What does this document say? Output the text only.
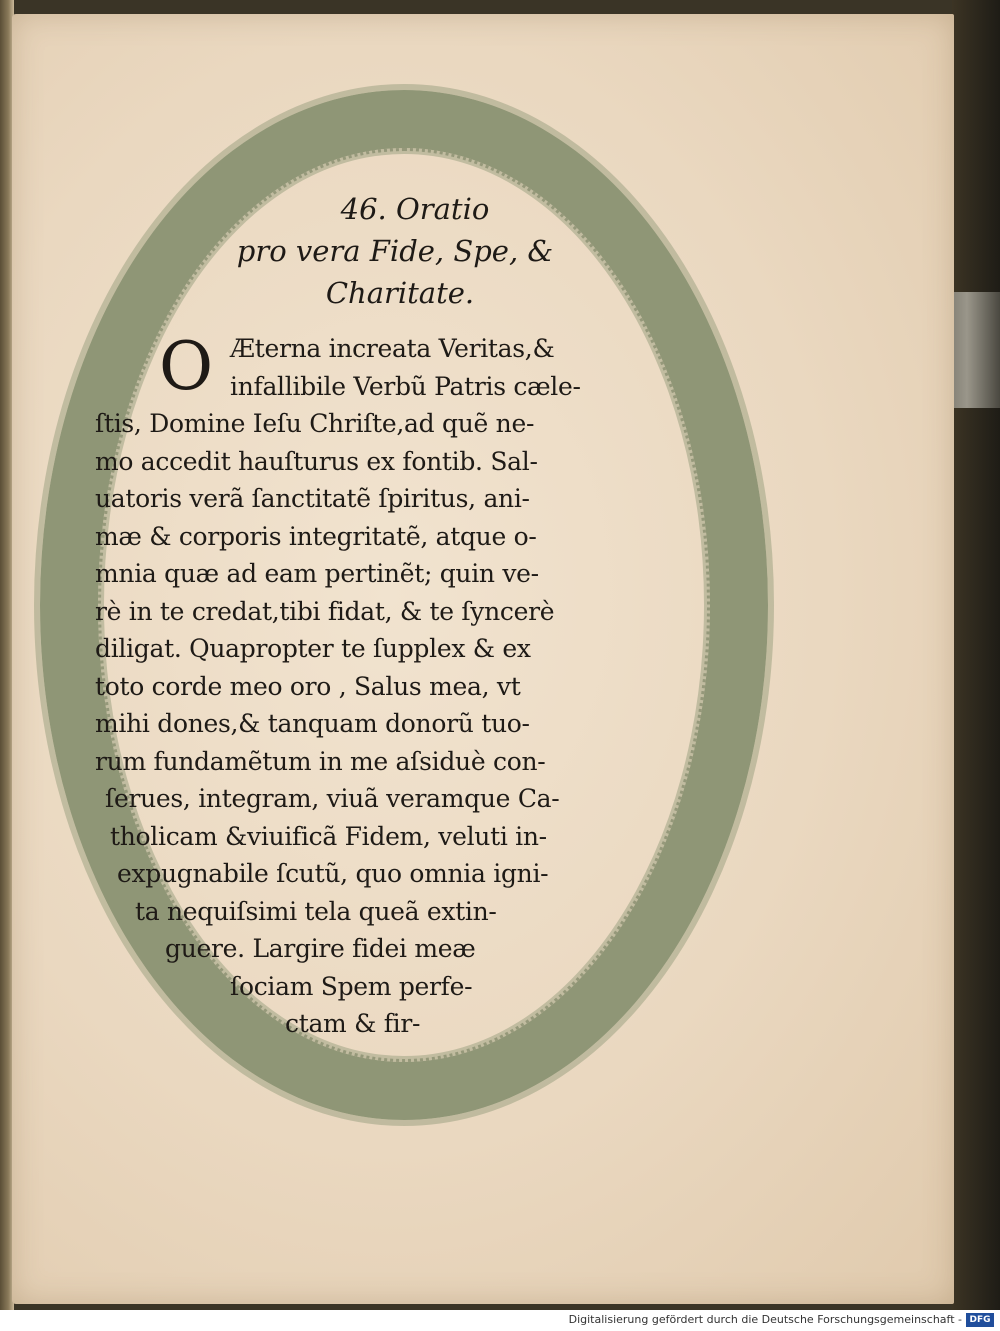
46. Oratio

pro vera Fide, Spe, &

Charitate.

O Æterna increata Veritas,&
infallibile Verbũ Patris cæle-
ſtis, Domine Ieſu Chriſte,ad quẽ ne-
mo accedit hauſturus ex fontib. Sal-
uatoris verã ſanctitatẽ ſpiritus, ani-
mæ & corporis integritatẽ, atque o-
mnia quæ ad eam pertinẽt; quin ve-
rè in te credat,tibi fidat, & te ſyncerè
diligat. Quapropter te ſupplex & ex
toto corde meo oro , Salus mea, vt
mihi dones,& tanquam donorũ tuo-
rum fundamẽtum in me aſsiduè con-
ſerues, integram, viuã veramque Ca-
tholicam &viuificã Fidem, veluti in-
expugnabile ſcutũ, quo omnia igni-
ta nequiſsimi tela queã extin-
guere. Largire fidei meæ
ſociam Spem perfe-
ctam & fir-
Digitalisierung gefördert durch die Deutsche Forschungsgemeinschaft - DFG
